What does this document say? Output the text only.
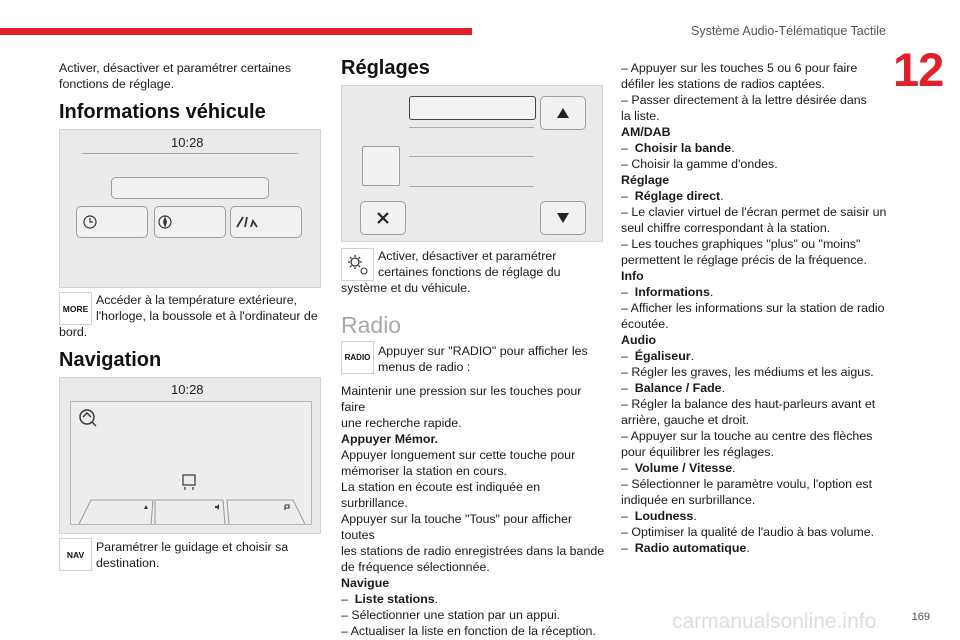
Système Audio-Télématique Tactile
12
Activer, désactiver et paramétrer certaines
fonctions de réglage.
Informations véhicule
10:28
MORE
Accéder à la température extérieure,
l'horloge, la boussole et à l'ordinateur de
bord.
Navigation
10:28
NAV
Paramétrer le guidage et choisir sa
destination.
Réglages
Activer, désactiver et paramétrer
certaines fonctions de réglage du
système et du véhicule.
Radio
RADIO Appuyer sur "RADIO" pour afficher les
menus de radio :
Maintenir une pression sur les touches pour faire
une recherche rapide.
Appuyer Mémor.
Appuyer longuement sur cette touche pour
mémoriser la station en cours.
La station en écoute est indiquée en surbrillance.
Appuyer sur la touche "Tous" pour afficher toutes
les stations de radio enregistrées dans la bande
de fréquence sélectionnée.
Navigue
– Liste stations.
– Sélectionner une station par un appui.
– Actualiser la liste en fonction de la réception.
– Appuyer sur les touches 5 ou 6 pour faire
défiler les stations de radios captées.
– Passer directement à la lettre désirée dans
la liste.
AM/DAB
– Choisir la bande.
– Choisir la gamme d'ondes.
Réglage
– Réglage direct.
– Le clavier virtuel de l'écran permet de saisir un
seul chiffre correspondant à la station.
– Les touches graphiques "plus" ou "moins"
permettent le réglage précis de la fréquence.
Info
– Informations.
– Afficher les informations sur la station de radio
écoutée.
Audio
– Égaliseur.
– Régler les graves, les médiums et les aigus.
– Balance / Fade.
– Régler la balance des haut-parleurs avant et
arrière, gauche et droit.
– Appuyer sur la touche au centre des flèches
pour équilibrer les réglages.
– Volume / Vitesse.
– Sélectionner le paramètre voulu, l'option est
indiquée en surbrillance.
– Loudness.
– Optimiser la qualité de l'audio à bas volume.
– Radio automatique.
carmanualsonline.info	169
